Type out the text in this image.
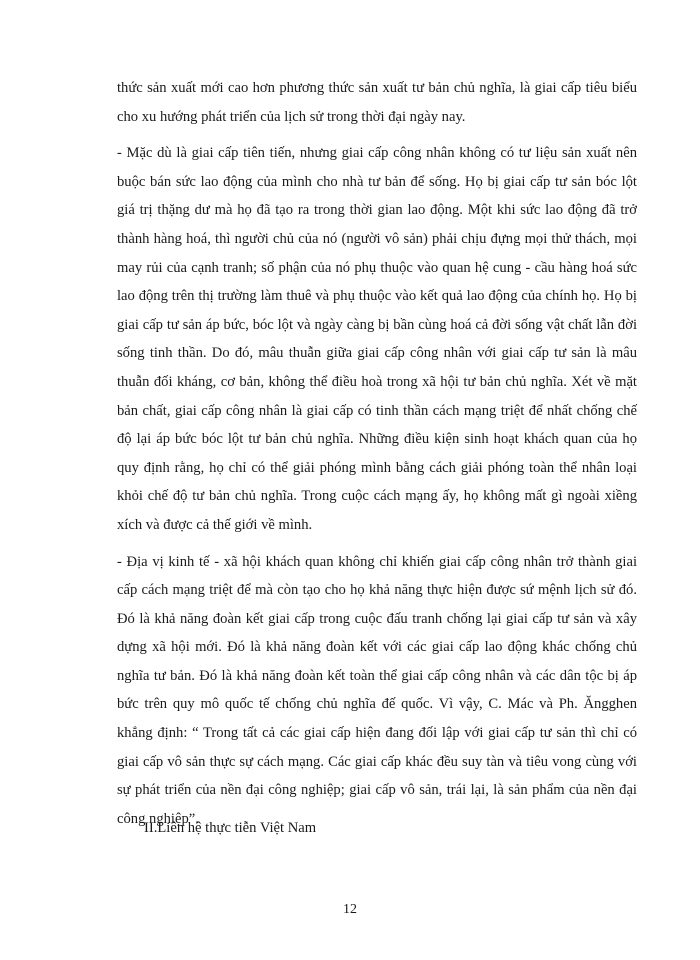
thức sản xuất mới cao hơn phương thức sản xuất tư bản chủ nghĩa, là giai cấp tiêu biểu cho xu hướng phát triển của lịch sử trong thời đại ngày nay.

- Mặc dù là giai cấp tiên tiến, nhưng giai cấp công nhân không có tư liệu sản xuất nên buộc bán sức lao động của mình cho nhà tư bản để sống. Họ bị giai cấp tư sản bóc lột giá trị thặng dư mà họ đã tạo ra trong thời gian lao động. Một khi sức lao động đã trở thành hàng hoá, thì người chủ của nó (người vô sản) phải chịu đựng mọi thử thách, mọi may rủi của cạnh tranh; số phận của nó phụ thuộc vào quan hệ cung - cầu hàng hoá sức lao động trên thị trường làm thuê và phụ thuộc vào kết quả lao động của chính họ. Họ bị giai cấp tư sản áp bức, bóc lột và ngày càng bị bần cùng hoá cả đời sống vật chất lẫn đời sống tinh thần. Do đó, mâu thuẫn giữa giai cấp công nhân với giai cấp tư sản là mâu thuẫn đối kháng, cơ bản, không thể điều hoà trong xã hội tư bản chủ nghĩa. Xét về mặt bản chất, giai cấp công nhân là giai cấp có tinh thần cách mạng triệt để nhất chống chế độ lại áp bức bóc lột tư bản chủ nghĩa. Những điều kiện sinh hoạt khách quan của họ quy định rằng, họ chỉ có thể giải phóng mình bằng cách giải phóng toàn thể nhân loại khỏi chế độ tư bản chủ nghĩa. Trong cuộc cách mạng ấy, họ không mất gì ngoài xiềng xích và được cả thế giới về mình.

- Địa vị kinh tế - xã hội khách quan không chỉ khiến giai cấp công nhân trở thành giai cấp cách mạng triệt để mà còn tạo cho họ khả năng thực hiện được sứ mệnh lịch sử đó. Đó là khả năng đoàn kết giai cấp trong cuộc đấu tranh chống lại giai cấp tư sản và xây dựng xã hội mới. Đó là khả năng đoàn kết với các giai cấp lao động khác chống chủ nghĩa tư bản. Đó là khả năng đoàn kết toàn thể giai cấp công nhân và các dân tộc bị áp bức trên quy mô quốc tế chống chủ nghĩa đế quốc. Vì vậy, C. Mác và Ph. Ăngghen khẳng định: “ Trong tất cả các giai cấp hiện đang đối lập với giai cấp tư sản thì chỉ có giai cấp vô sản thực sự cách mạng. Các giai cấp khác đều suy tàn và tiêu vong cùng với sự phát triển của nền đại công nghiệp; giai cấp vô sản, trái lại, là sản phẩm của nền đại công nghiệp”.

II.Liên hệ thực tiễn Việt Nam
12
